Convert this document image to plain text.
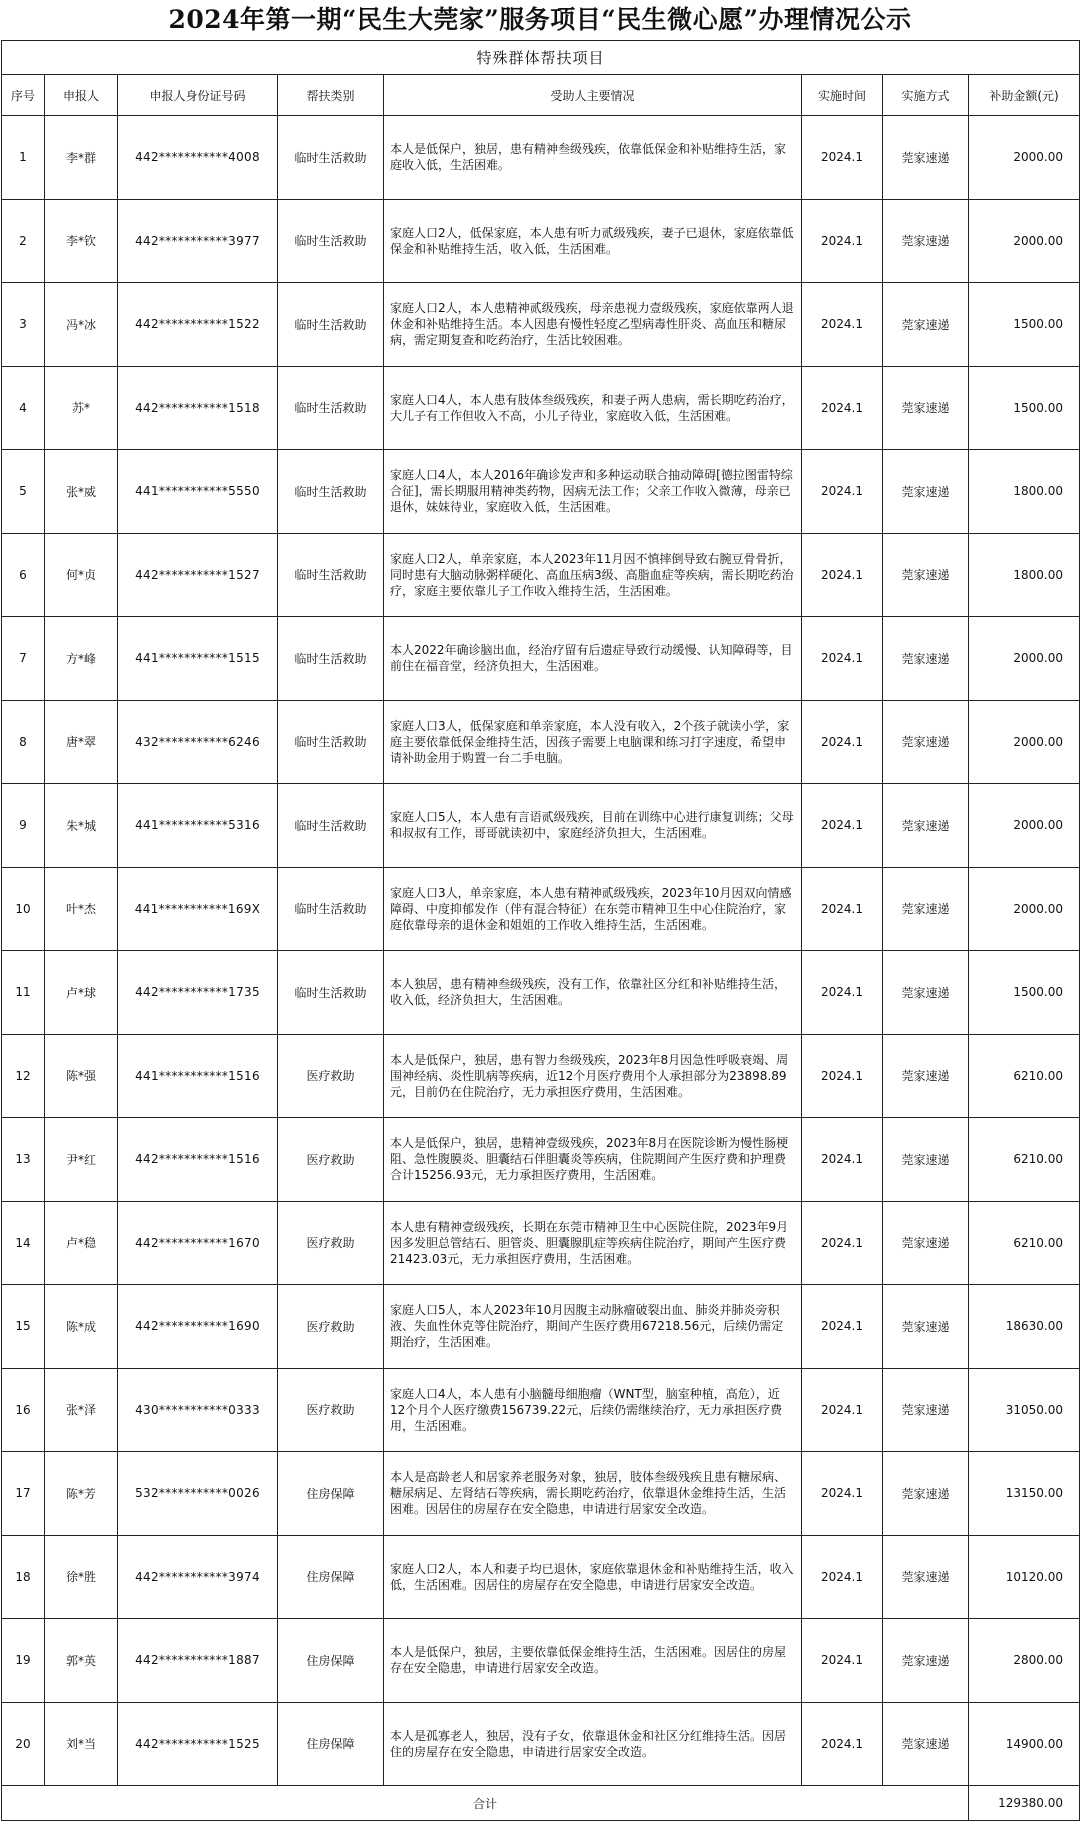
2024年第一期“民生大莞家”服务项目“民生微心愿”办理情况公示
特殊群体帮扶项目							
序号	申报人	申报人身份证号码	帮扶类别	受助人主要情况	实施时间	实施方式	补助金额(元)
1	李*群	442***********4008	临时生活救助	本人是低保户，独居，患有精神叁级残疾，依靠低保金和补贴维持生活，家庭收入低，生活困难。	2024.1	莞家速递	2000.00
2	李*钦	442***********3977	临时生活救助	家庭人口2人，低保家庭，本人患有听力贰级残疾，妻子已退休，家庭依靠低保金和补贴维持生活，收入低，生活困难。	2024.1	莞家速递	2000.00
3	冯*冰	442***********1522	临时生活救助	家庭人口2人，本人患精神贰级残疾，母亲患视力壹级残疾，家庭依靠两人退休金和补贴维持生活。本人因患有慢性轻度乙型病毒性肝炎、高血压和糖尿病，需定期复查和吃药治疗，生活比较困难。	2024.1	莞家速递	1500.00
4	苏*	442***********1518	临时生活救助	家庭人口4人，本人患有肢体叁级残疾，和妻子两人患病，需长期吃药治疗，大儿子有工作但收入不高，小儿子待业，家庭收入低，生活困难。	2024.1	莞家速递	1500.00
5	张*威	441***********5550	临时生活救助	家庭人口4人，本人2016年确诊发声和多种运动联合抽动障碍[德拉图雷特综合征]，需长期服用精神类药物，因病无法工作；父亲工作收入微薄，母亲已退休，妹妹待业，家庭收入低，生活困难。	2024.1	莞家速递	1800.00
6	何*贞	442***********1527	临时生活救助	家庭人口2人，单亲家庭，本人2023年11月因不慎摔倒导致右腕豆骨骨折，同时患有大脑动脉粥样硬化、高血压病3级、高脂血症等疾病，需长期吃药治疗，家庭主要依靠儿子工作收入维持生活，生活困难。	2024.1	莞家速递	1800.00
7	方*峰	441***********1515	临时生活救助	本人2022年确诊脑出血，经治疗留有后遗症导致行动缓慢、认知障碍等，目前住在福音堂，经济负担大，生活困难。	2024.1	莞家速递	2000.00
8	唐*翠	432***********6246	临时生活救助	家庭人口3人，低保家庭和单亲家庭，本人没有收入，2个孩子就读小学，家庭主要依靠低保金维持生活，因孩子需要上电脑课和练习打字速度，希望申请补助金用于购置一台二手电脑。	2024.1	莞家速递	2000.00
9	朱*城	441***********5316	临时生活救助	家庭人口5人，本人患有言语贰级残疾，目前在训练中心进行康复训练；父母和叔叔有工作，哥哥就读初中，家庭经济负担大，生活困难。	2024.1	莞家速递	2000.00
10	叶*杰	441***********169X	临时生活救助	家庭人口3人，单亲家庭，本人患有精神贰级残疾，2023年10月因双向情感障碍、中度抑郁发作（伴有混合特征）在东莞市精神卫生中心住院治疗，家庭依靠母亲的退休金和姐姐的工作收入维持生活，生活困难。	2024.1	莞家速递	2000.00
11	卢*球	442***********1735	临时生活救助	本人独居，患有精神叁级残疾，没有工作，依靠社区分红和补贴维持生活，收入低，经济负担大，生活困难。	2024.1	莞家速递	1500.00
12	陈*强	441***********1516	医疗救助	本人是低保户，独居，患有智力叁级残疾，2023年8月因急性呼吸衰竭、周围神经病、炎性肌病等疾病，近12个月医疗费用个人承担部分为23898.89元，目前仍在住院治疗，无力承担医疗费用，生活困难。	2024.1	莞家速递	6210.00
13	尹*红	442***********1516	医疗救助	本人是低保户，独居，患精神壹级残疾，2023年8月在医院诊断为慢性肠梗阻、急性腹膜炎、胆囊结石伴胆囊炎等疾病，住院期间产生医疗费和护理费合计15256.93元，无力承担医疗费用，生活困难。	2024.1	莞家速递	6210.00
14	卢*稳	442***********1670	医疗救助	本人患有精神壹级残疾，长期在东莞市精神卫生中心医院住院，2023年9月因多发胆总管结石、胆管炎、胆囊腺肌症等疾病住院治疗，期间产生医疗费21423.03元，无力承担医疗费用，生活困难。	2024.1	莞家速递	6210.00
15	陈*成	442***********1690	医疗救助	家庭人口5人，本人2023年10月因腹主动脉瘤破裂出血、肺炎并肺炎旁积液、失血性休克等住院治疗，期间产生医疗费用67218.56元，后续仍需定期治疗，生活困难。	2024.1	莞家速递	18630.00
16	张*泽	430***********0333	医疗救助	家庭人口4人，本人患有小脑髓母细胞瘤（WNT型，脑室种植，高危），近12个月个人医疗缴费156739.22元，后续仍需继续治疗，无力承担医疗费用，生活困难。	2024.1	莞家速递	31050.00
17	陈*芳	532***********0026	住房保障	本人是高龄老人和居家养老服务对象，独居，肢体叁级残疾且患有糖尿病、糖尿病足、左肾结石等疾病，需长期吃药治疗，依靠退休金维持生活，生活困难。因居住的房屋存在安全隐患，申请进行居家安全改造。	2024.1	莞家速递	13150.00
18	徐*胜	442***********3974	住房保障	家庭人口2人，本人和妻子均已退休，家庭依靠退休金和补贴维持生活，收入低，生活困难。因居住的房屋存在安全隐患，申请进行居家安全改造。	2024.1	莞家速递	10120.00
19	郭*英	442***********1887	住房保障	本人是低保户，独居，主要依靠低保金维持生活，生活困难。因居住的房屋存在安全隐患，申请进行居家安全改造。	2024.1	莞家速递	2800.00
20	刘*当	442***********1525	住房保障	本人是孤寡老人，独居，没有子女，依靠退休金和社区分红维持生活。因居住的房屋存在安全隐患，申请进行居家安全改造。	2024.1	莞家速递	14900.00
合计							129380.00
